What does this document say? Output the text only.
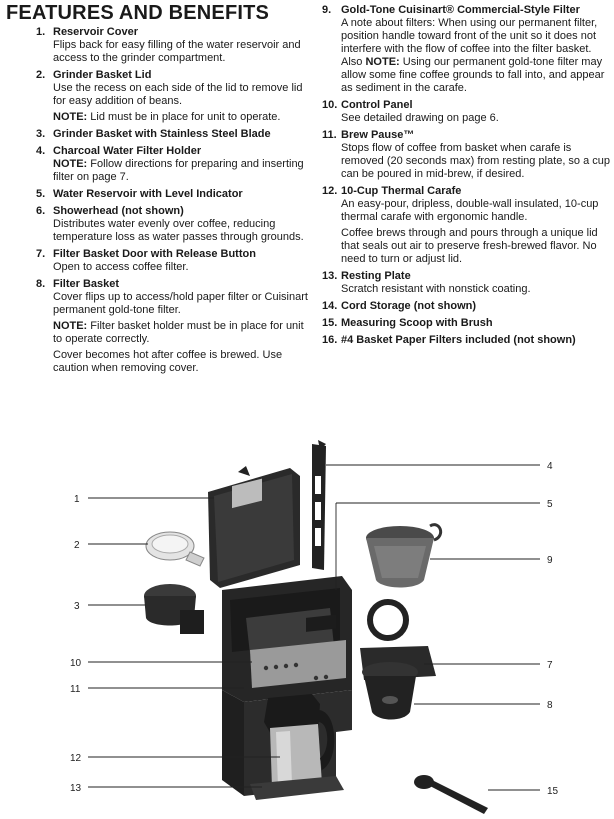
FEATURES AND BENEFITS
1. Reservoir Cover
Flips back for easy filling of the water reservoir and access to the grinder compartment.
2. Grinder Basket Lid
Use the recess on each side of the lid to remove lid for easy addition of beans.
NOTE: Lid must be in place for unit to operate.
3. Grinder Basket with Stainless Steel Blade
4. Charcoal Water Filter Holder
NOTE: Follow directions for preparing and inserting filter on page 7.
5. Water Reservoir with Level Indicator
6. Showerhead (not shown)
Distributes water evenly over coffee, reducing temperature loss as water passes through grounds.
7. Filter Basket Door with Release Button
Open to access coffee filter.
8. Filter Basket
Cover flips up to access/hold paper filter or Cuisinart permanent gold-tone filter.
NOTE: Filter basket holder must be in place for unit to operate correctly.
Cover becomes hot after coffee is brewed. Use caution when removing cover.
9. Gold-Tone Cuisinart® Commercial-Style Filter
A note about filters: When using our permanent filter, position handle toward front of the unit so it does not interfere with the flow of coffee into the filter basket. Also NOTE: Using our permanent gold-tone filter may allow some fine coffee grounds to fall into, and appear as sediment in the carafe.
10. Control Panel
See detailed drawing on page 6.
11. Brew Pause™
Stops flow of coffee from basket when carafe is removed (20 seconds max) from resting plate, so a cup can be poured in mid-brew, if desired.
12. 10-Cup Thermal Carafe
An easy-pour, dripless, double-wall insulated, 10-cup thermal carafe with ergonomic handle.
Coffee brews through and pours through a unique lid that seals out air to preserve fresh-brewed flavor. No need to turn or adjust lid.
13. Resting Plate
Scratch resistant with nonstick coating.
14. Cord Storage (not shown)
15. Measuring Scoop with Brush
16. #4 Basket Paper Filters included (not shown)
1
2
3
4
5
9
10	7
11
8
12
13	15
